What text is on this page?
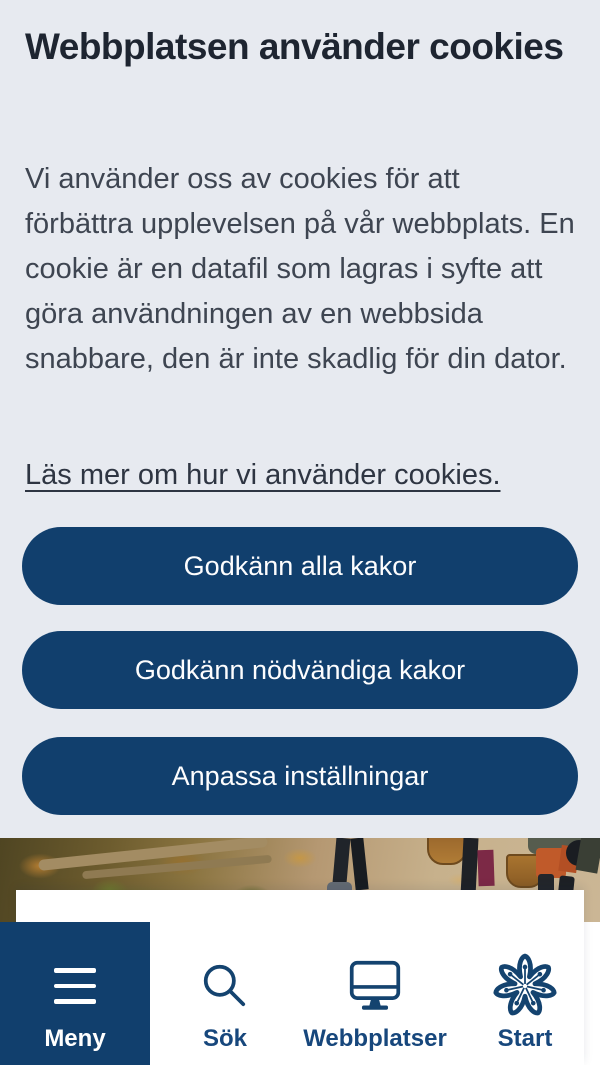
Webbplatsen använder cookies

Vi använder oss av cookies för att förbättra upplevelsen på vår webbplats. En cookie är en datafil som lagras i syfte att göra användningen av en webbsida snabbare, den är inte skadlig för din dator.

Läs mer om hur vi använder cookies.
Godkänn alla kakor
Godkänn nödvändiga kakor
Anpassa inställningar
Meny	Sök Webbplatser Start
